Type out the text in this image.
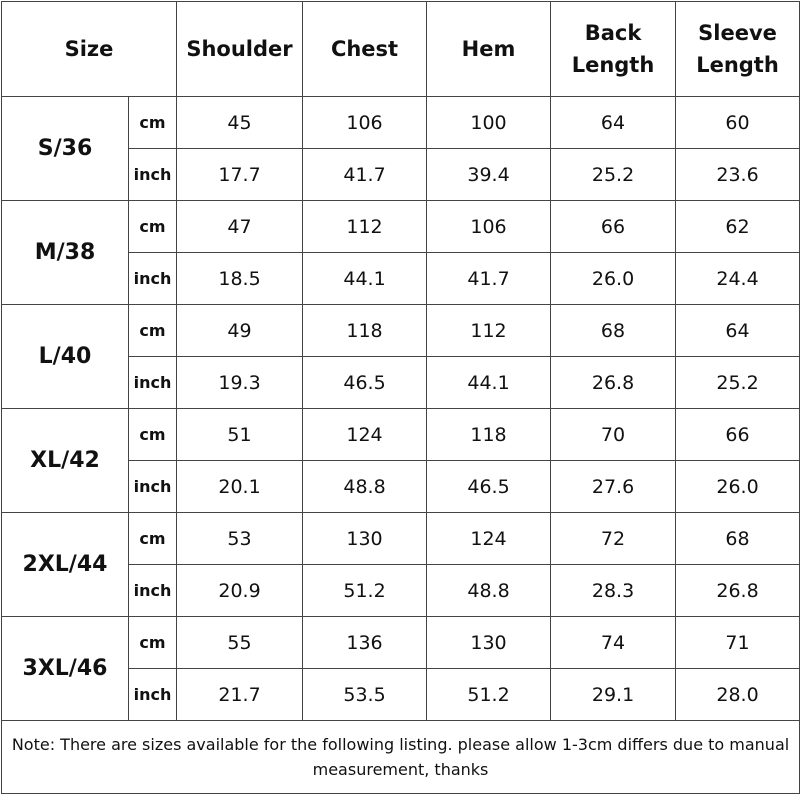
Size		Shoulder	Chest	Hem	Back Length	Sleeve Length
S/36	cm	45	106	100	64	60
	inch	17.7	41.7	39.4	25.2	23.6
M/38	cm	47	112	106	66	62
	inch	18.5	44.1	41.7	26.0	24.4
L/40	cm	49	118	112	68	64
	inch	19.3	46.5	44.1	26.8	25.2
XL/42	cm	51	124	118	70	66
	inch	20.1	48.8	46.5	27.6	26.0
2XL/44	cm	53	130	124	72	68
	inch	20.9	51.2	48.8	28.3	26.8
3XL/46	cm	55	136	130	74	71
	inch	21.7	53.5	51.2	29.1	28.0
Note: There are sizes available for the following listing. please allow 1-3cm differs due to manual measurement, thanks						
